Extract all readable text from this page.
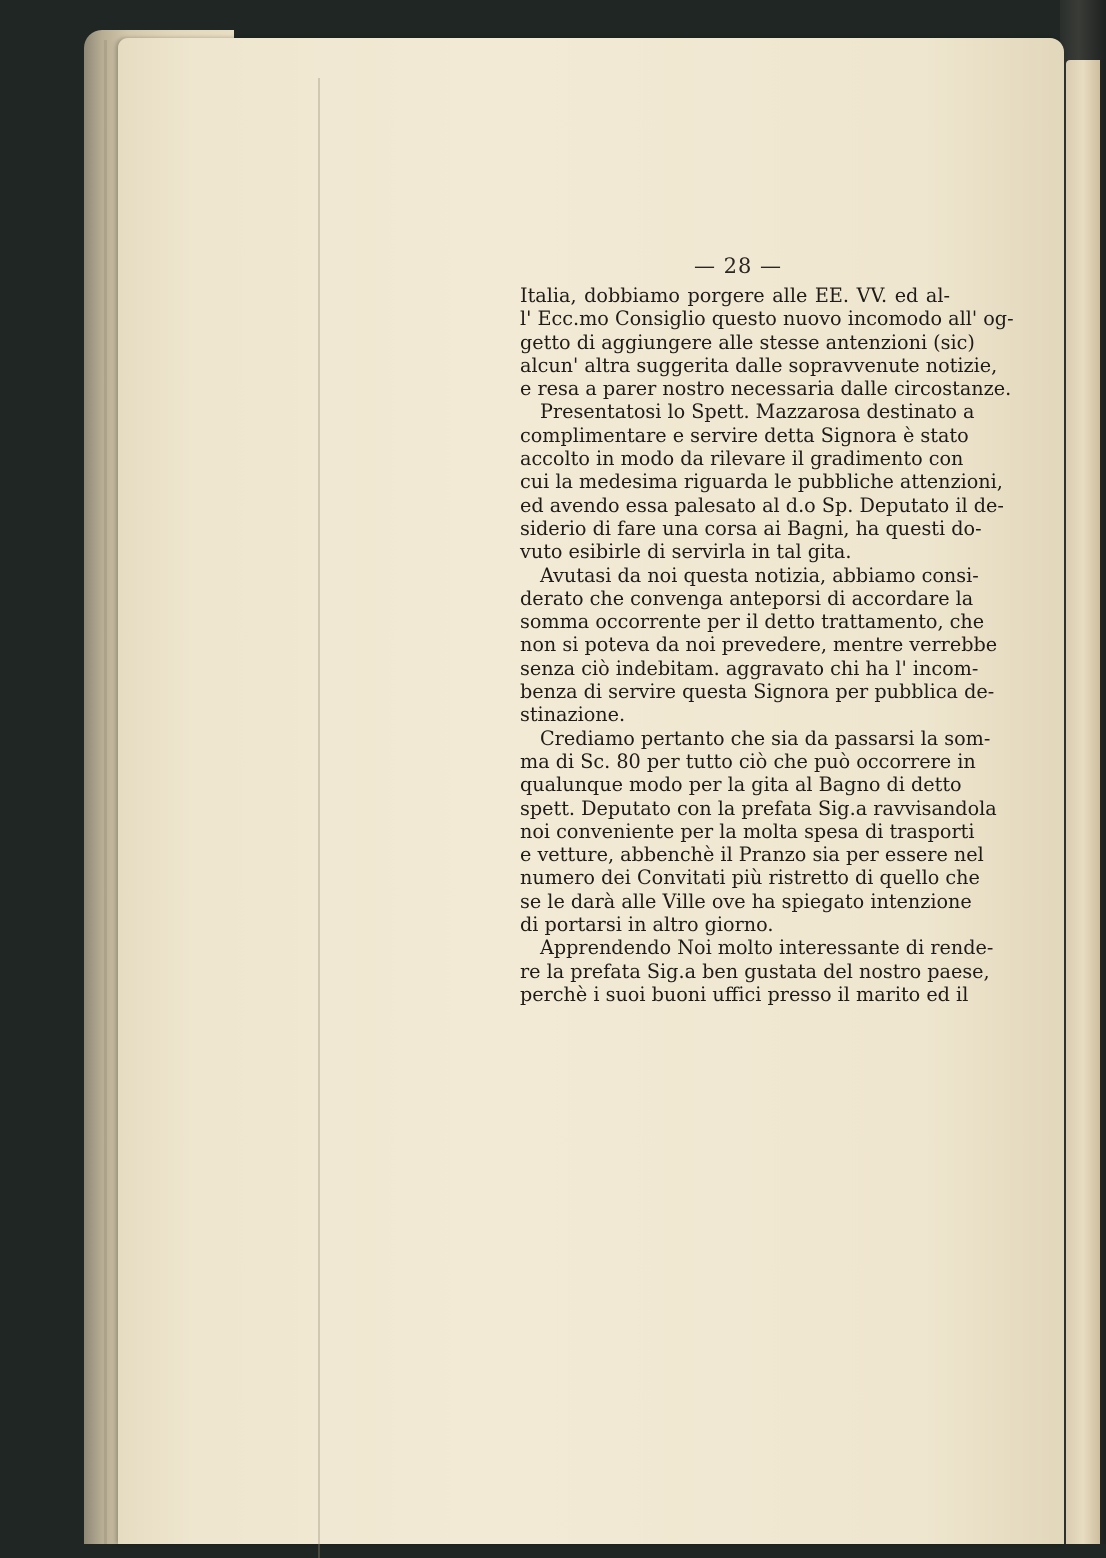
— 28 —
Italia, dobbiamo porgere alle EE. VV. ed al-
l' Ecc.mo Consiglio questo nuovo incomodo all' og-
getto di aggiungere alle stesse antenzioni (sic)
alcun' altra suggerita dalle sopravvenute notizie,
e resa a parer nostro necessaria dalle circostanze.
Presentatosi lo Spett. Mazzarosa destinato a
complimentare e servire detta Signora è stato
accolto in modo da rilevare il gradimento con
cui la medesima riguarda le pubbliche attenzioni,
ed avendo essa palesato al d.o Sp. Deputato il de-
siderio di fare una corsa ai Bagni, ha questi do-
vuto esibirle di servirla in tal gita.
Avutasi da noi questa notizia, abbiamo consi-
derato che convenga anteporsi di accordare la
somma occorrente per il detto trattamento, che
non si poteva da noi prevedere, mentre verrebbe
senza ciò indebitam. aggravato chi ha l' incom-
benza di servire questa Signora per pubblica de-
stinazione.
Crediamo pertanto che sia da passarsi la som-
ma di Sc. 80 per tutto ciò che può occorrere in
qualunque modo per la gita al Bagno di detto
spett. Deputato con la prefata Sig.a ravvisandola
noi conveniente per la molta spesa di trasporti
e vetture, abbenchè il Pranzo sia per essere nel
numero dei Convitati più ristretto di quello che
se le darà alle Ville ove ha spiegato intenzione
di portarsi in altro giorno.
Apprendendo Noi molto interessante di rende-
re la prefata Sig.a ben gustata del nostro paese,
perchè i suoi buoni uffici presso il marito ed il
